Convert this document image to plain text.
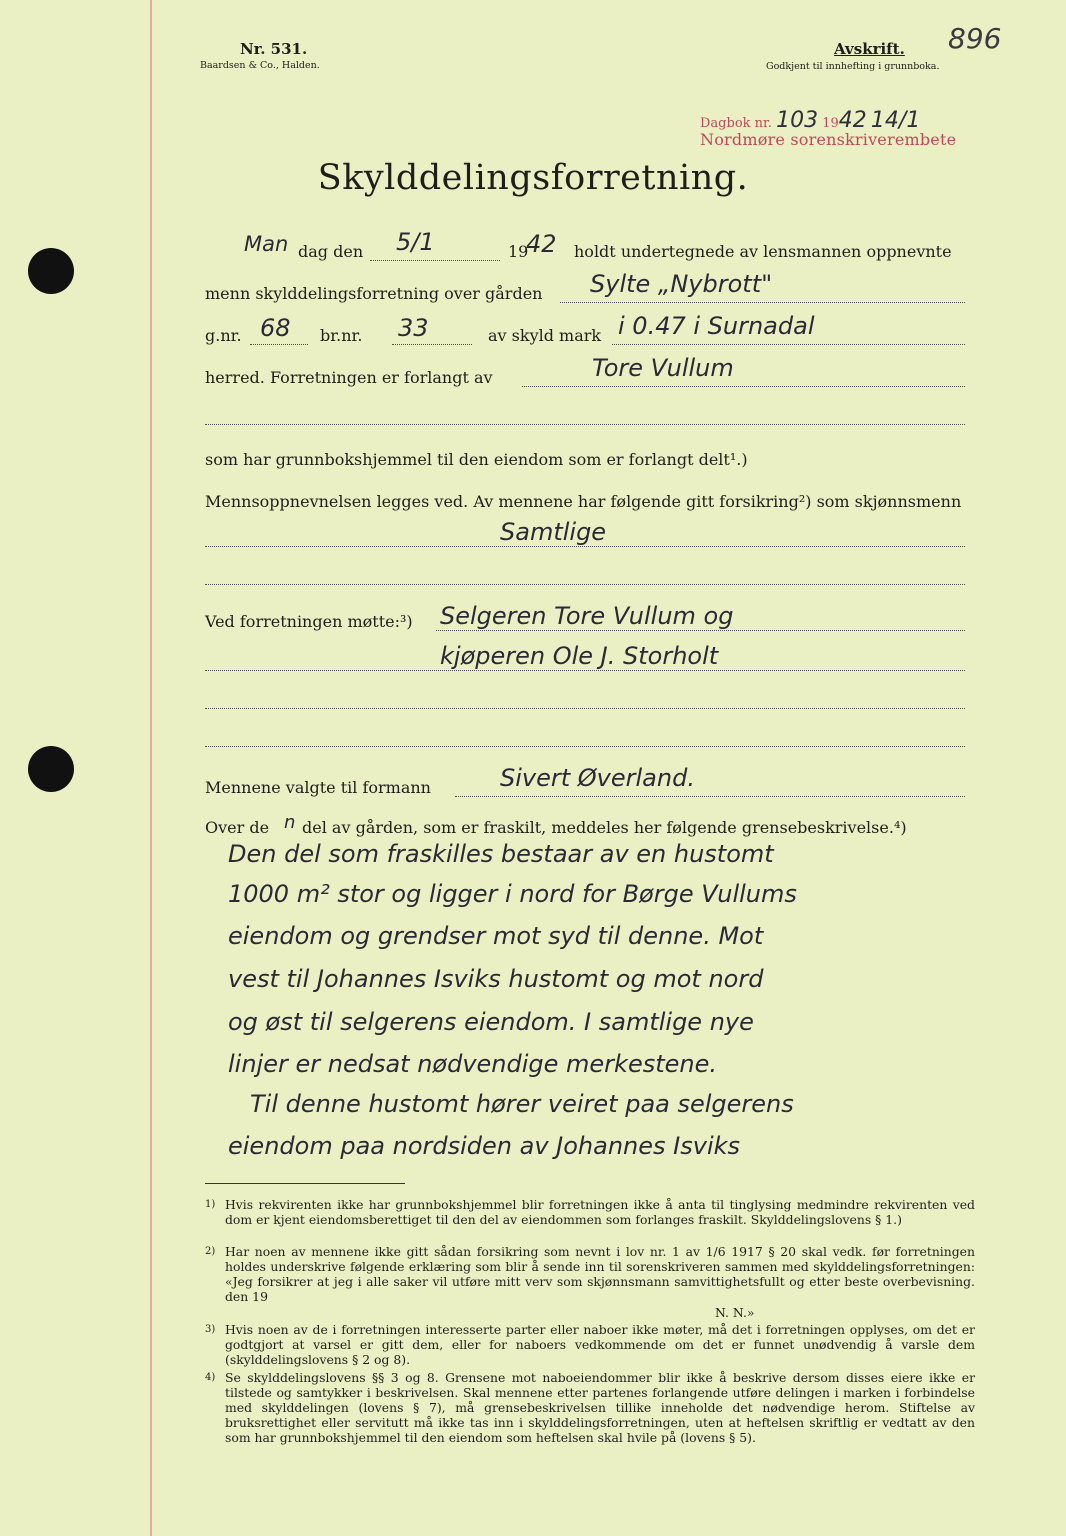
Nr. 531.
Baardsen & Co., Halden.
Avskrift.
Godkjent til innhefting i grunnboka.
896
Dagbok nr. 103 1942 14/1
Nordmøre sorenskriverembete
Skylddelingsforretning.
Man dag den 5/1	19
42 holdt undertegnede av lensmannen oppnevnte
menn skylddelingsforretning over gården Sylte „Nybrott"
g.nr. 68 br.nr. 33	av skyld mark i 0.47 i Surnadal
herred. Forretningen er forlangt av	Tore Vullum
som har grunnbokshjemmel til den eiendom som er forlangt delt¹.)
Mennsoppnevnelsen legges ved. Av mennene har følgende gitt forsikring²) som skjønnsmenn
Samtlige
Ved forretningen møtte:³) Selgeren Tore Vullum og
kjøperen Ole J. Storholt
Mennene valgte til formann	Sivert Øverland.
Over de n del av gården, som er fraskilt, meddeles her følgende grensebeskrivelse.⁴)
Den del som fraskilles bestaar av en hustomt
1000 m² stor og ligger i nord for Børge Vullums
eiendom og grendser mot syd til denne. Mot
vest til Johannes Isviks hustomt og mot nord
og øst til selgerens eiendom. I samtlige nye
linjer er nedsat nødvendige merkestene.
Til denne hustomt hører veiret paa selgerens
eiendom paa nordsiden av Johannes Isviks
1) Hvis rekvirenten ikke har grunnbokshjemmel blir forretningen ikke å anta til tinglysing medmindre rekvirenten ved dom er kjent eiendomsberettiget til den del av eiendommen som forlanges fraskilt. Skylddelingslovens § 1.)
2) Har noen av mennene ikke gitt sådan forsikring som nevnt i lov nr. 1 av 1/6 1917 § 20 skal vedk. før forretningen holdes underskrive følgende erklæring som blir å sende inn til sorenskriveren sammen med skylddelingsforretningen: «Jeg forsikrer at jeg i alle saker vil utføre mitt verv som skjønnsmann samvittighetsfullt og etter beste overbevisning. den 19
N. N.»
3) Hvis noen av de i forretningen interesserte parter eller naboer ikke møter, må det i forretningen opplyses, om det er godtgjort at varsel er gitt dem, eller for naboers vedkommende om det er funnet unødvendig å varsle dem (skylddelingslovens § 2 og 8).
4) Se skylddelingslovens §§ 3 og 8. Grensene mot naboeiendommer blir ikke å beskrive dersom disses eiere ikke er tilstede og samtykker i beskrivelsen. Skal mennene etter partenes forlangende utføre delingen i marken i forbindelse med skylddelingen (lovens § 7), må grensebeskrivelsen tillike inneholde det nødvendige herom. Stiftelse av bruksrettighet eller servitutt må ikke tas inn i skylddelingsforretningen, uten at heftelsen skriftlig er vedtatt av den som har grunnbokshjemmel til den eiendom som heftelsen skal hvile på (lovens § 5).
